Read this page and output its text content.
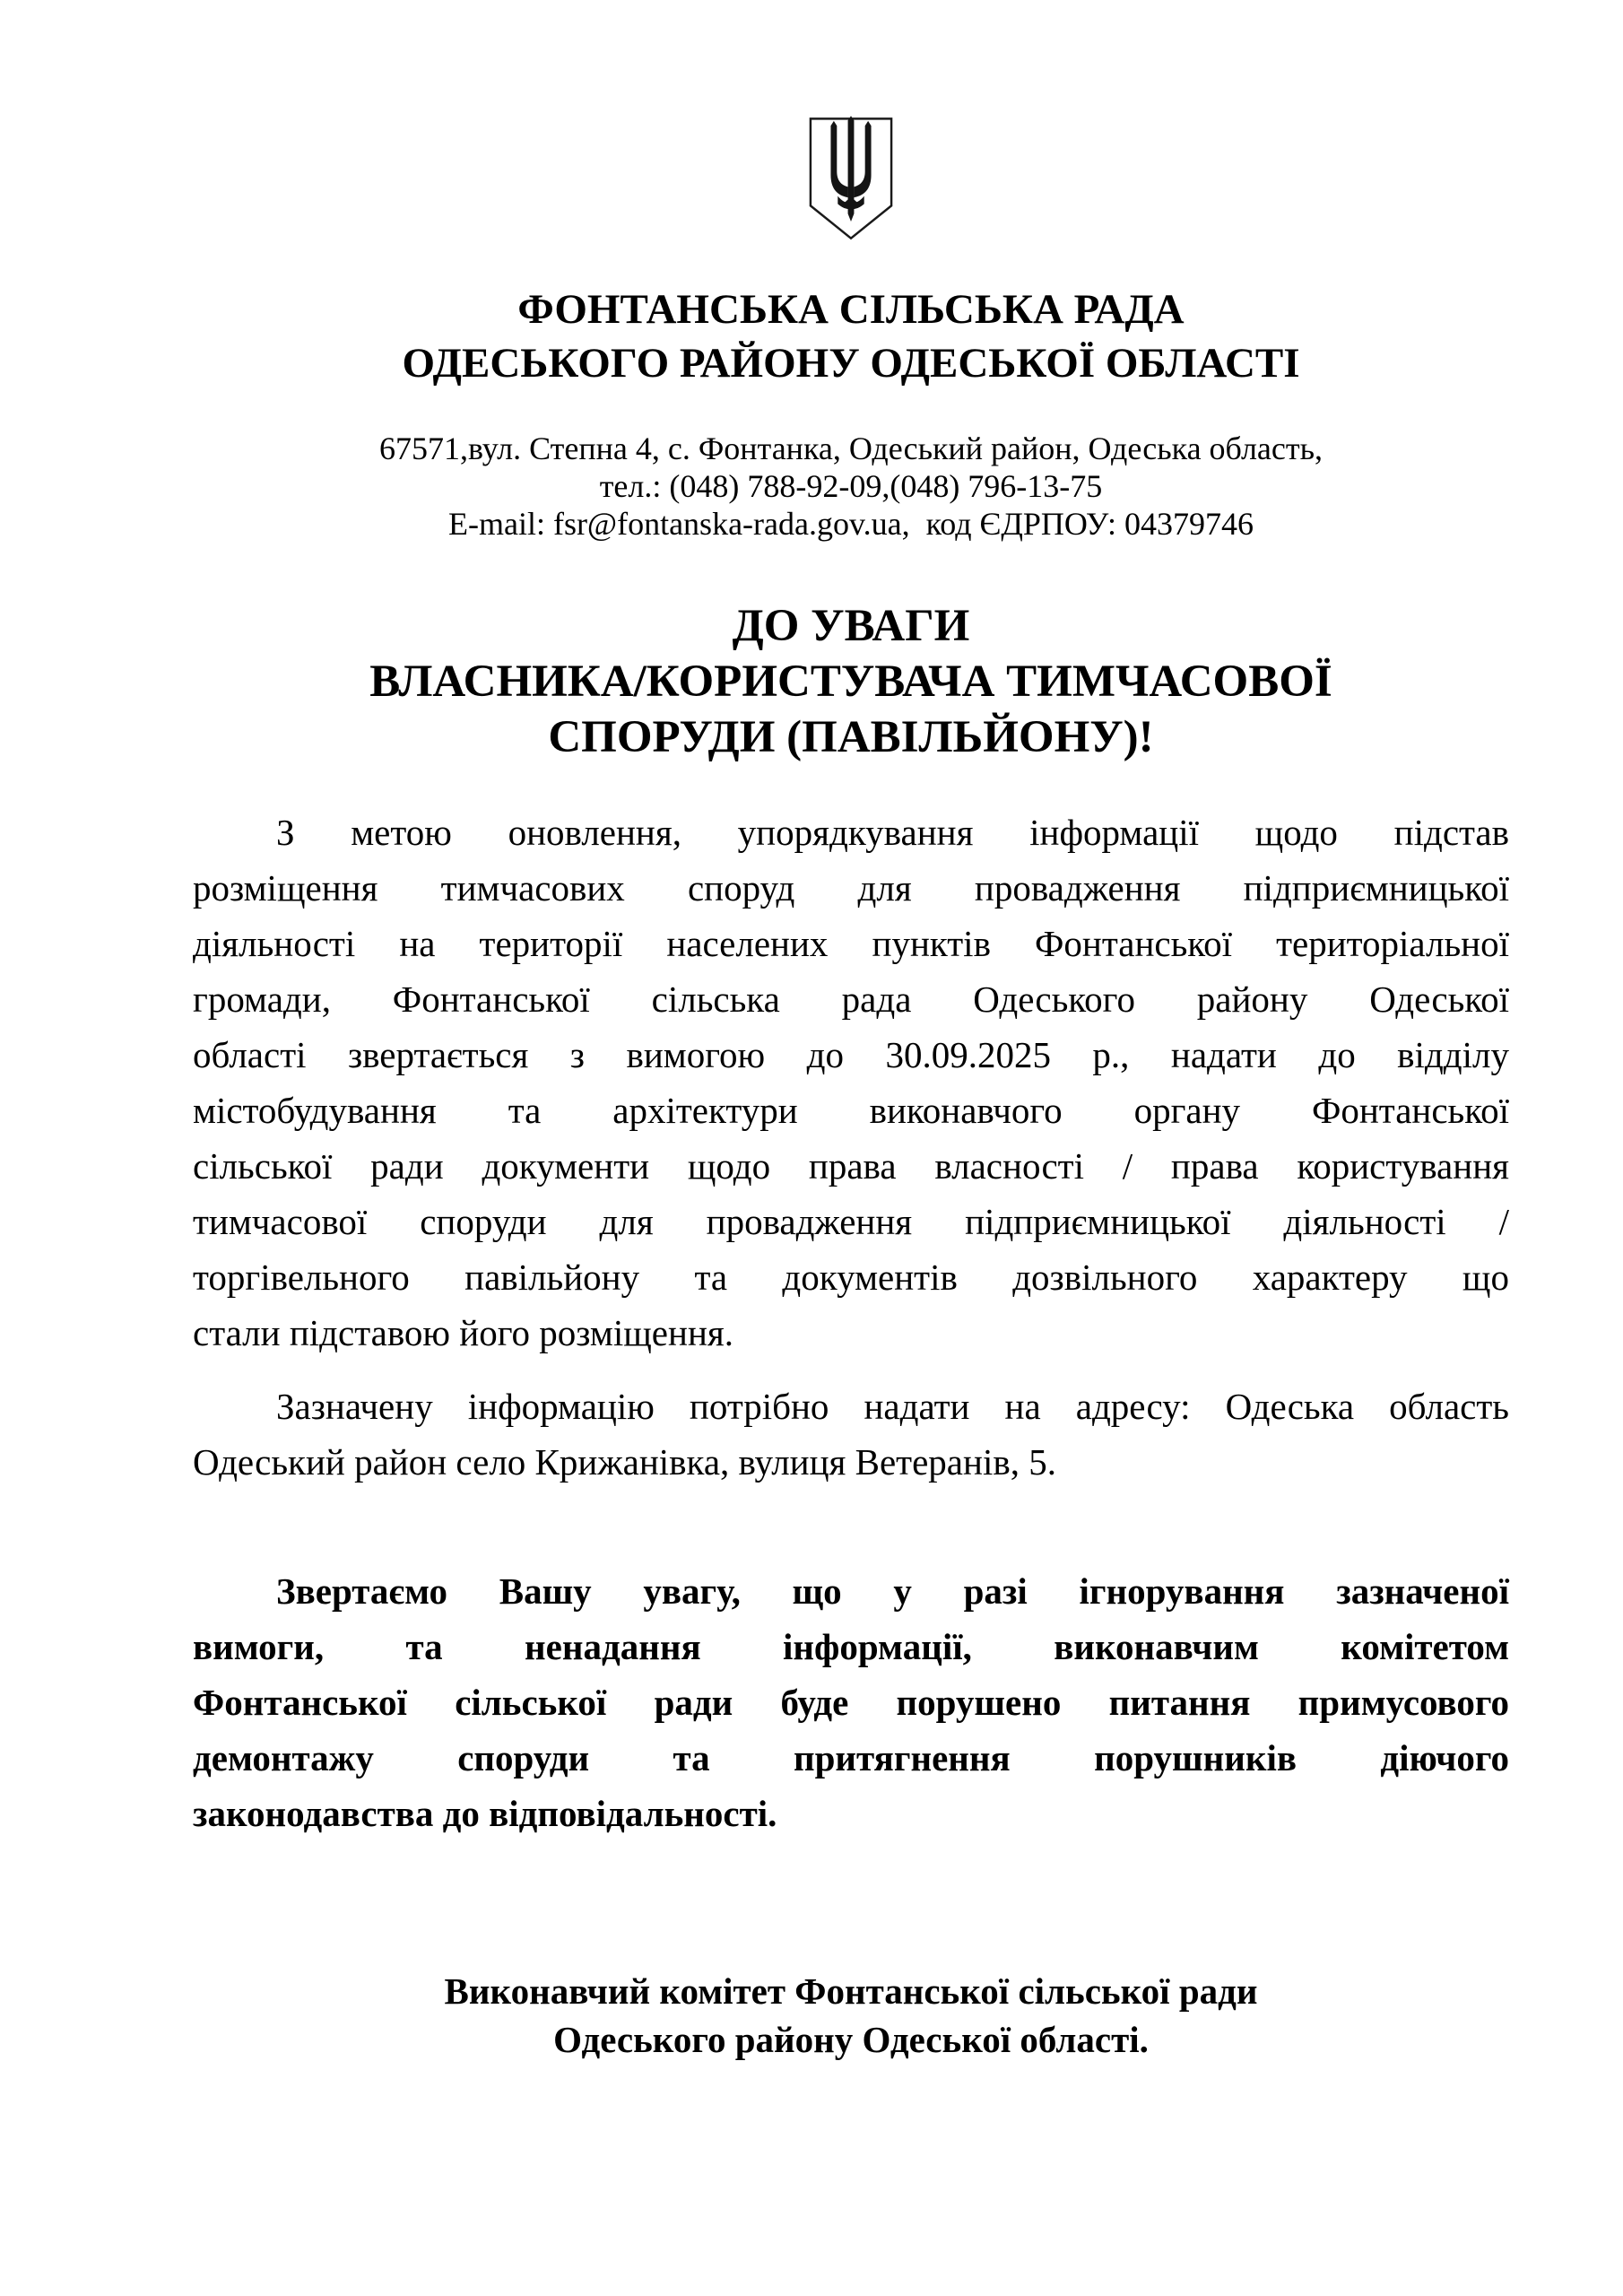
ФОНТАНСЬКА СІЛЬСЬКА РАДА
ОДЕСЬКОГО РАЙОНУ ОДЕСЬКОЇ ОБЛАСТІ
67571,вул. Степна 4, с. Фонтанка, Одеський район, Одеська область,
тел.: (048) 788-92-09,(048) 796-13-75
E-mail: fsr@fontanska-rada.gov.ua,  код ЄДРПОУ: 04379746
ДО УВАГИ
ВЛАСНИКА/КОРИСТУВАЧА ТИМЧАСОВОЇ
СПОРУДИ (ПАВІЛЬЙОНУ)!
З метою оновлення, упорядкування інформації щодо підстав
розміщення тимчасових споруд для провадження підприємницької
діяльності на території населених пунктів Фонтанської територіальної
громади, Фонтанської сільська рада Одеського району Одеської
області звертається з вимогою до 30.09.2025 р., надати до відділу
містобудування та архітектури виконавчого органу Фонтанської
сільської ради документи щодо права власності / права користування
тимчасової споруди для провадження підприємницької діяльності /
торгівельного павільйону та документів дозвільного характеру що
стали підставою його розміщення.
Зазначену інформацію потрібно надати на адресу: Одеська область
Одеський район село Крижанівка, вулиця Ветеранів, 5.
Звертаємо Вашу увагу, що у разі ігнорування зазначеної
вимоги, та ненадання інформації, виконавчим комітетом
Фонтанської сільської ради буде порушено питання примусового
демонтажу споруди та притягнення порушників діючого
законодавства до відповідальності.
Виконавчий комітет Фонтанської сільської ради
Одеського району Одеської області.
